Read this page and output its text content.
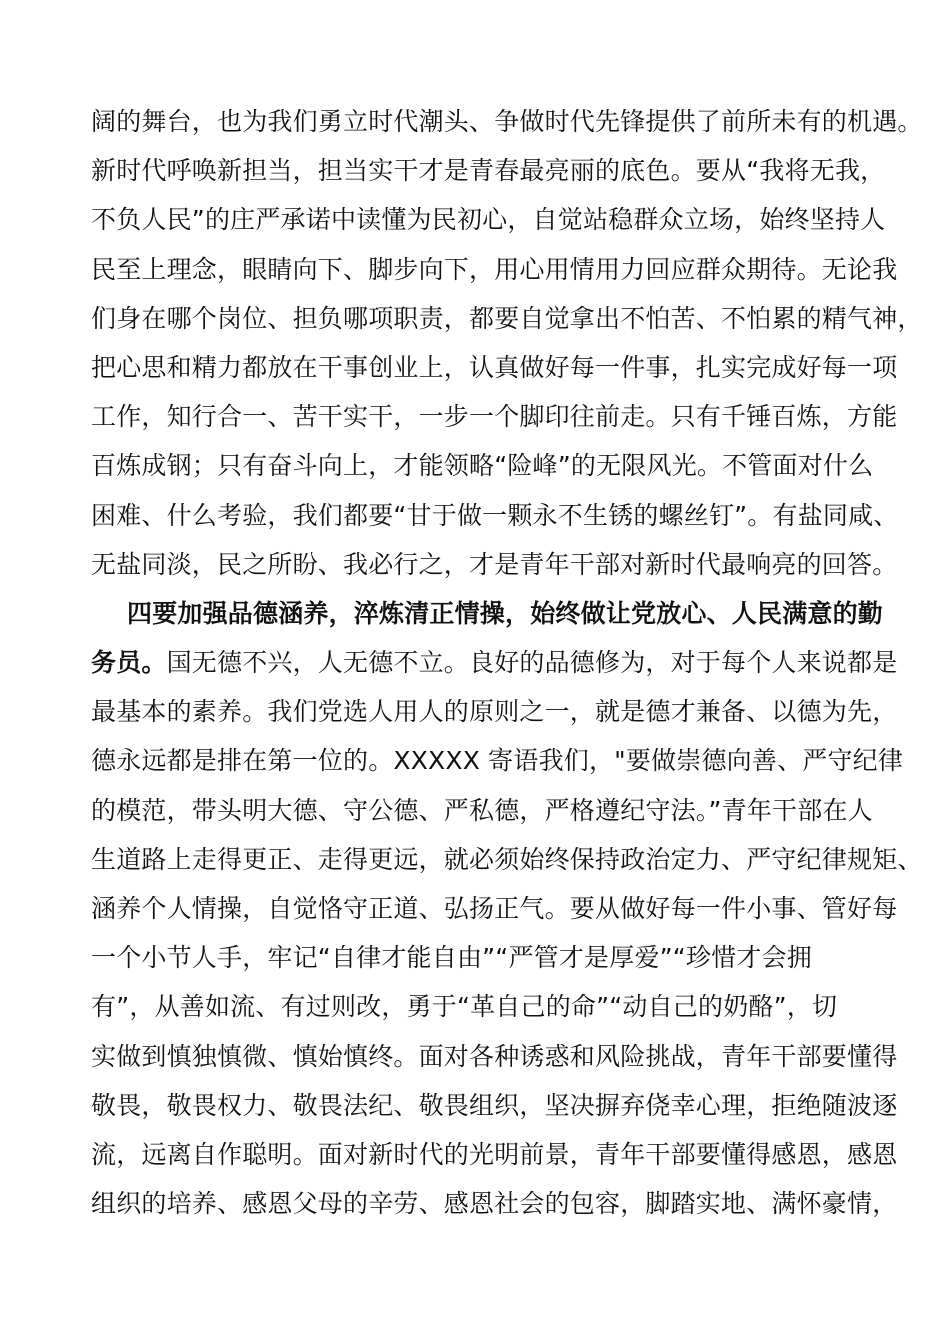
阔的舞台，也为我们勇立时代潮头、争做时代先锋提供了前所未有的机遇。
新时代呼唤新担当，担当实干才是青春最亮丽的底色。要从“我将无我，
不负人民”的庄严承诺中读懂为民初心，自觉站稳群众立场，始终坚持人
民至上理念，眼睛向下、脚步向下，用心用情用力回应群众期待。无论我
们身在哪个岗位、担负哪项职责，都要自觉拿出不怕苦、不怕累的精气神，
把心思和精力都放在干事创业上，认真做好每一件事，扎实完成好每一项
工作，知行合一、苦干实干，一步一个脚印往前走。只有千锤百炼，方能
百炼成钢；只有奋斗向上，才能领略“险峰”的无限风光。不管面对什么
困难、什么考验，我们都要“甘于做一颗永不生锈的螺丝钉”。有盐同咸、
无盐同淡，民之所盼、我必行之，才是青年干部对新时代最响亮的回答。
四要加强品德涵养，淬炼清正情操，始终做让党放心、人民满意的勤
务员。国无德不兴，人无德不立。良好的品德修为，对于每个人来说都是
最基本的素养。我们党选人用人的原则之一，就是德才兼备、以德为先，
德永远都是排在第一位的。XXXXX 寄语我们，"要做崇德向善、严守纪律
的模范，带头明大德、守公德、严私德，严格遵纪守法。”青年干部在人
生道路上走得更正、走得更远，就必须始终保持政治定力、严守纪律规矩、
涵养个人情操，自觉恪守正道、弘扬正气。要从做好每一件小事、管好每
一个小节人手，牢记“自律才能自由”“严管才是厚爱”“珍惜才会拥
有”，从善如流、有过则改，勇于“革自己的命”“动自己的奶酪”，切
实做到慎独慎微、慎始慎终。面对各种诱惑和风险挑战，青年干部要懂得
敬畏，敬畏权力、敬畏法纪、敬畏组织，坚决摒弃侥幸心理，拒绝随波逐
流，远离自作聪明。面对新时代的光明前景，青年干部要懂得感恩，感恩
组织的培养、感恩父母的辛劳、感恩社会的包容，脚踏实地、满怀豪情，
